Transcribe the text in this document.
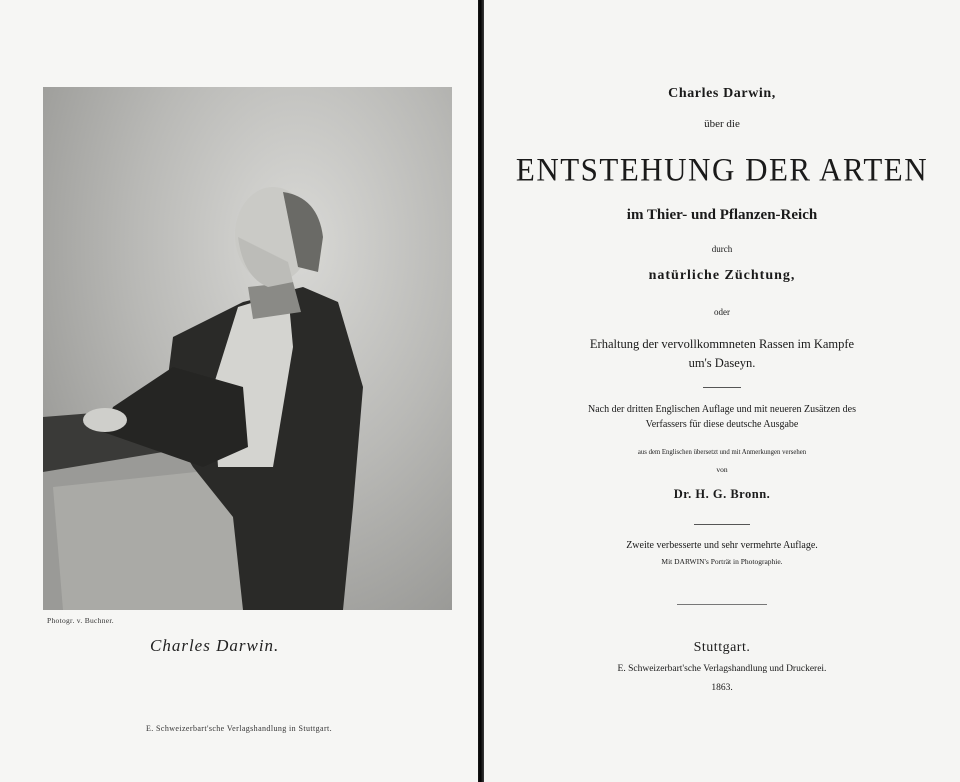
Photogr. v. Buchner.
Charles Darwin.
E. Schweizerbart'sche Verlagshandlung in Stuttgart.
Charles Darwin,
über die
ENTSTEHUNG DER ARTEN
im Thier- und Pflanzen-Reich
durch
natürliche Züchtung,
oder
Erhaltung der vervollkommneten Rassen im Kampfe
um's Daseyn.
Nach der dritten Englischen Auflage und mit neueren Zusätzen des
Verfassers für diese deutsche Ausgabe
aus dem Englischen übersetzt und mit Anmerkungen versehen
von
Dr. H. G. Bronn.
Zweite verbesserte und sehr vermehrte Auflage.
Mit DARWIN's Porträt in Photographie.
Stuttgart.
E. Schweizerbart'sche Verlagshandlung und Druckerei.
1863.
